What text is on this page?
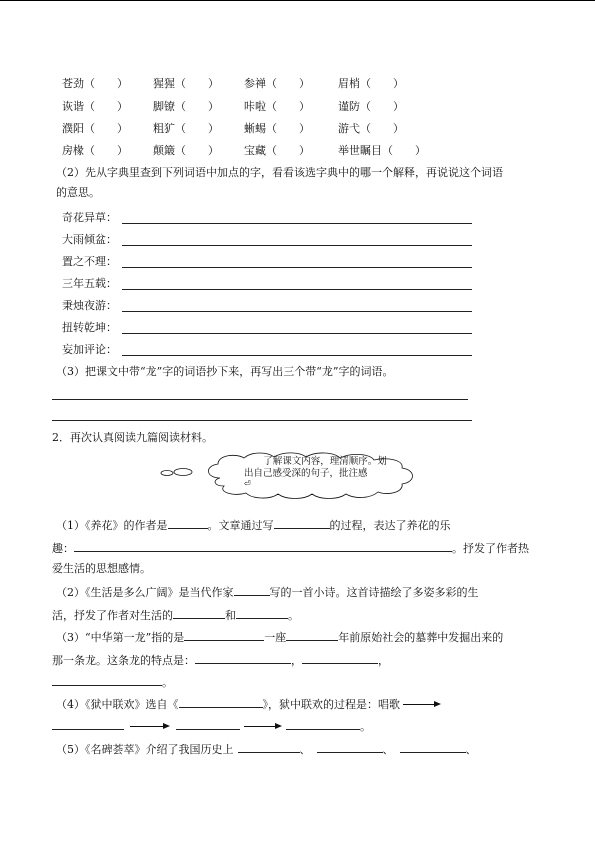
苍劲（　　） 猩猩（　　） 参禅（　　）	眉梢（　　）
诙谐（　　） 脚镣（　　） 咔啦（　　）	谨防（　　）
濮阳（　　） 粗犷（　　） 蜥蜴（　　）	游弋（　　）
房椽（　　） 颠簸（　　） 宝藏（　　）	举世瞩目（　　）
（2）先从字典里查到下列词语中加点的字，看看该选字典中的哪一个解释，再说说这个词语
的意思。
奇花异草：
大雨倾盆：
置之不理：
三年五载：
秉烛夜游：
扭转乾坤：
妄加评论：
（3）把课文中带“龙”字的词语抄下来，再写出三个带“龙”字的词语。
2．再次认真阅读九篇阅读材料。
了解课文内容，理清顺序。划
出自己感受深的句子，批注感
⏎
（1）《养花》的作者是	。文章通过写	的过程，表达了养花的乐
趣：	。抒发了作者热
爱生活的思想感情。
（2）《生活是多么广阔》是当代作家	写的一首小诗。这首诗描绘了多姿多彩的生
活，抒发了作者对生活的	和	。
（3）“中华第一龙”指的是	一座	年前原始社会的墓葬中发掘出来的
那一条龙。这条龙的特点是：	，	，
。
（4）《狱中联欢》选自《	》，狱中联欢的过程是：唱歌
。
（5）《名碑荟萃》介绍了我国历史上	、	、	、
